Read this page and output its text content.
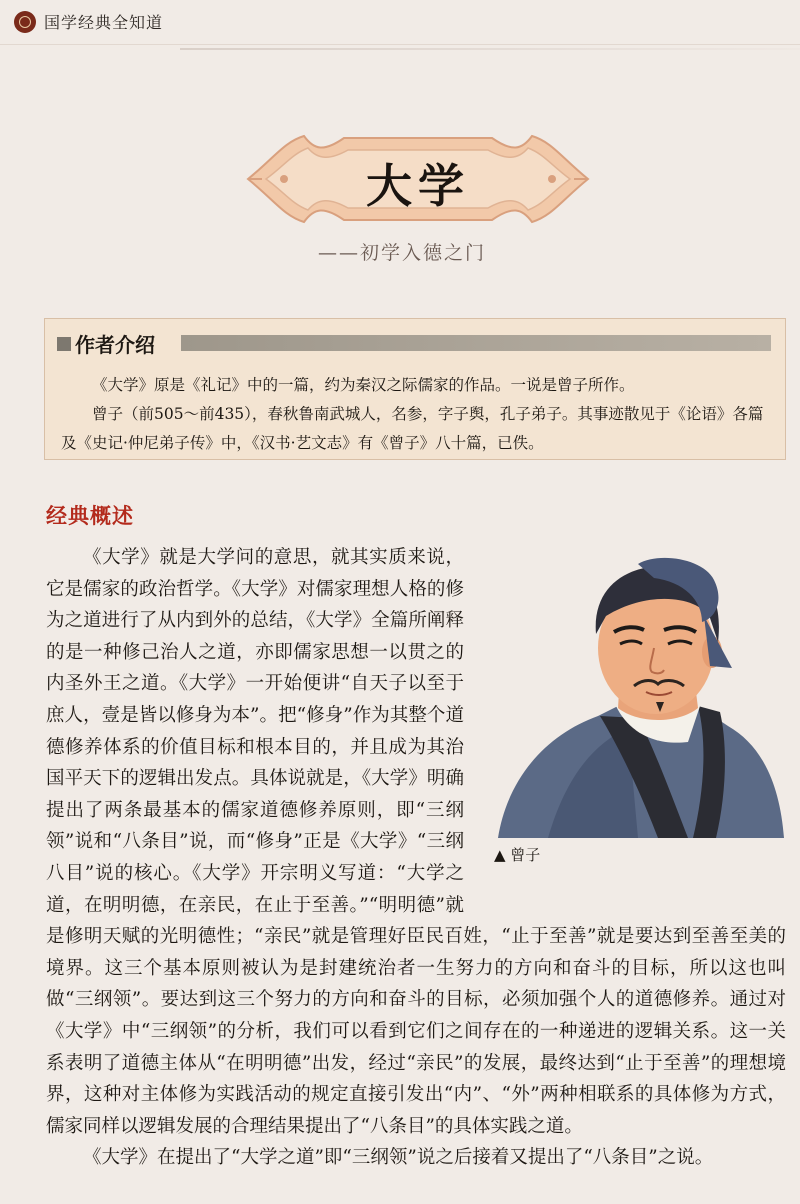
国学经典全知道
大学
——初学入德之门
作者介绍

《大学》原是《礼记》中的一篇，约为秦汉之际儒家的作品。一说是曾子所作。

曾子（前505～前435），春秋鲁南武城人，名参，字子舆，孔子弟子。其事迹散见于《论语》各篇及《史记·仲尼弟子传》中，《汉书·艺文志》有《曾子》八十篇，已佚。

经典概述

《大学》就是大学问的意思，就其实质来说，它是儒家的政治哲学。《大学》对儒家理想人格的修为之道进行了从内到外的总结，《大学》全篇所阐释的是一种修己治人之道，亦即儒家思想一以贯之的内圣外王之道。《大学》一开始便讲“自天子以至于庶人，壹是皆以修身为本”。把“修身”作为其整个道德修养体系的价值目标和根本目的，并且成为其治国平天下的逻辑出发点。具体说就是，《大学》明确提出了两条最基本的儒家道德修养原则，即“三纲领”说和“八条目”说，而“修身”正是《大学》“三纲八目”说的核心。《大学》开宗明义写道：“大学之道，在明明德，在亲民，在止于至善。”“明明德”就是修明天赋的光明德性；“亲民”就是管理好臣民百姓，“止于至善”就是要达到至善至美的境界。这三个基本原则被认为是封建统治者一生努力的方向和奋斗的目标，所以这也叫做“三纲领”。要达到这三个努力的方向和奋斗的目标，必须加强个人的道德修养。通过对《大学》中“三纲领”的分析，我们可以看到它们之间存在的一种递进的逻辑关系。这一关系表明了道德主体从“在明明德”出发，经过“亲民”的发展，最终达到“止于至善”的理想境界，这种对主体修为实践活动的规定直接引发出“内”、“外”两种相联系的具体修为方式，儒家同样以逻辑发展的合理结果提出了“八条目”的具体实践之道。

《大学》在提出了“大学之道”即“三纲领”说之后接着又提出了“八条目”之说。

▲ 曾子
